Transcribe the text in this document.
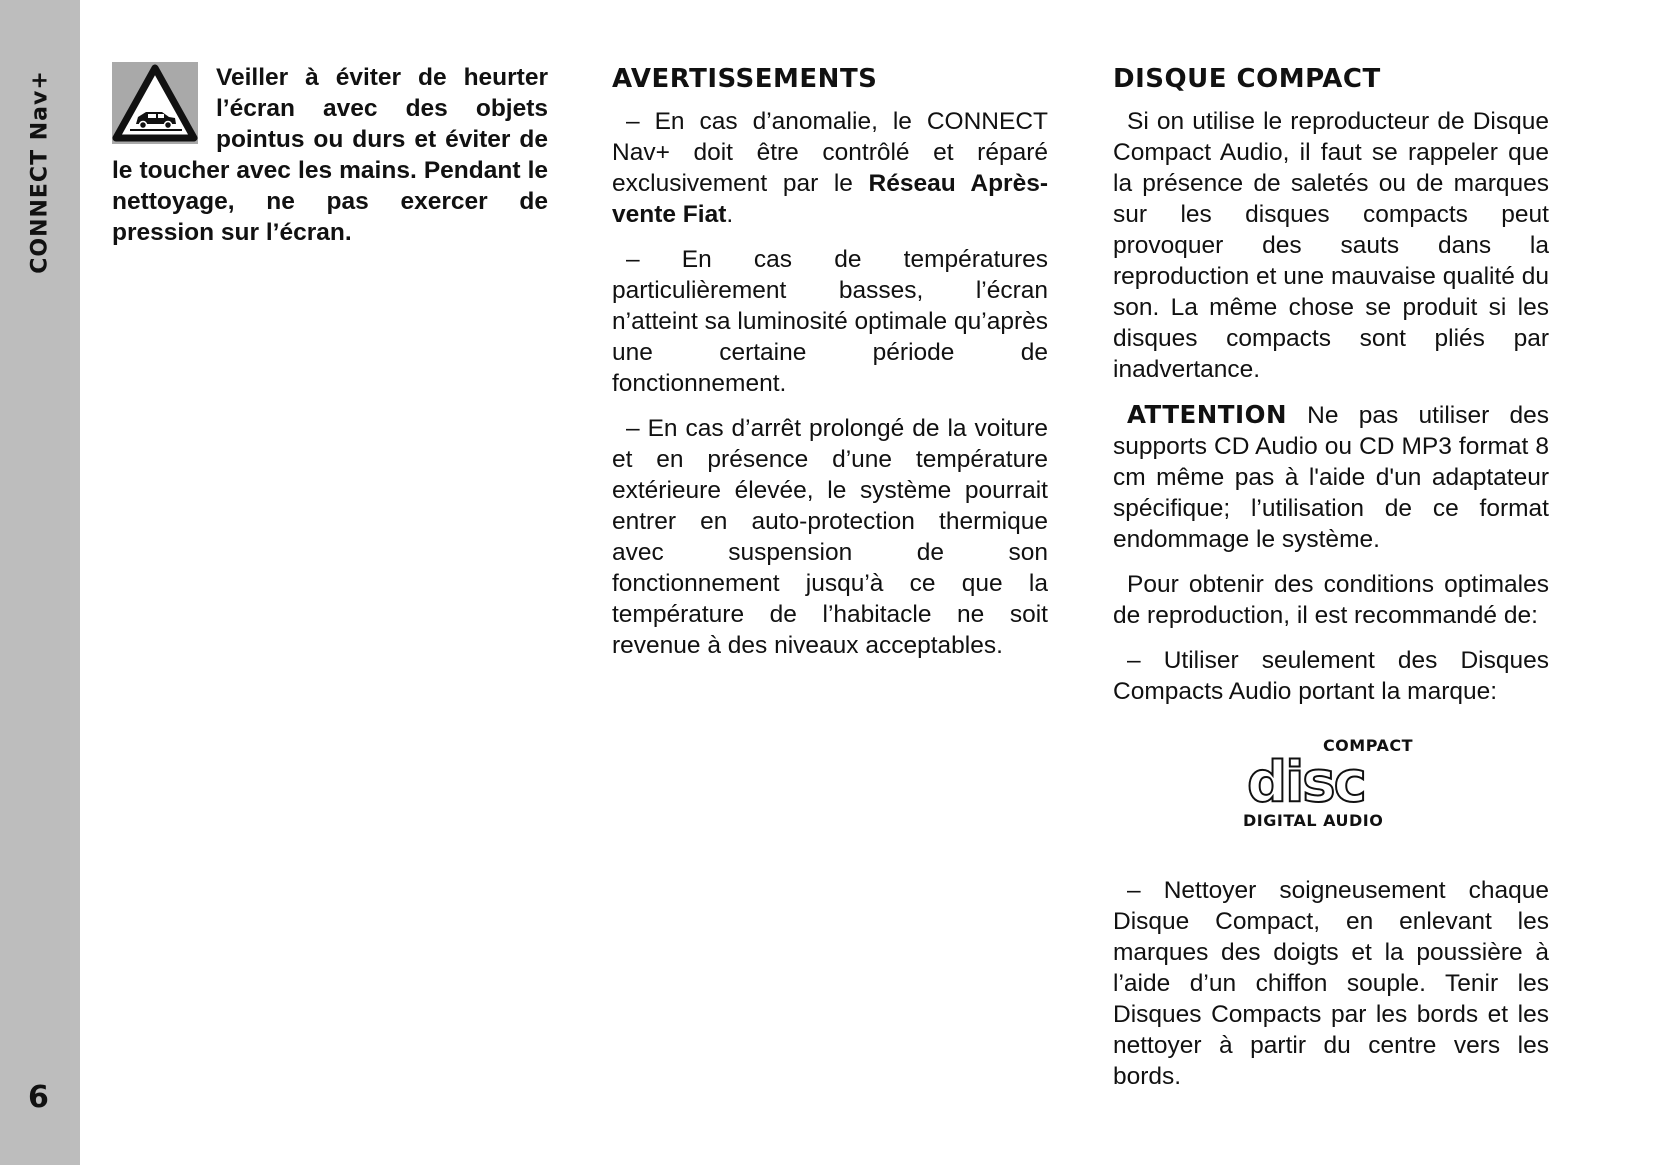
CONNECT Nav+
6
Veiller à éviter de heurter l’écran avec des objets pointus ou durs et éviter de le toucher avec les mains. Pendant le nettoyage, ne pas exercer de pression sur l’écran.
AVERTISSEMENTS

– En cas d’anomalie, le CONNECT Nav+ doit être contrôlé et réparé exclusivement par le Réseau Après-vente Fiat.

– En cas de températures particulièrement basses, l’écran n’atteint sa luminosité optimale qu’après une certaine période de fonctionnement.

– En cas d’arrêt prolongé de la voiture et en présence d’une température extérieure élevée, le système pourrait entrer en auto-protection thermique avec suspension de son fonctionnement jusqu’à ce que la température de l’habitacle ne soit revenue à des niveaux acceptables.

DISQUE COMPACT

Si on utilise le reproducteur de Disque Compact Audio, il faut se rappeler que la présence de saletés ou de marques sur les disques compacts peut provoquer des sauts dans la reproduction et une mauvaise qualité du son. La même chose se produit si les disques compacts sont pliés par inadvertance.

ATTENTION Ne pas utiliser des supports CD Audio ou CD MP3 format 8 cm même pas à l'aide d'un adaptateur spécifique; l’utilisation de ce format endommage le système.

Pour obtenir des conditions optimales de reproduction, il est recommandé de:

– Utiliser seulement des Disques Compacts Audio portant la marque:

COMPACT
disc
DIGITAL AUDIO

– Nettoyer soigneusement chaque Disque Compact, en enlevant les marques des doigts et la poussière à l’aide d’un chiffon souple. Tenir les Disques Compacts par les bords et les nettoyer à partir du centre vers les bords.
